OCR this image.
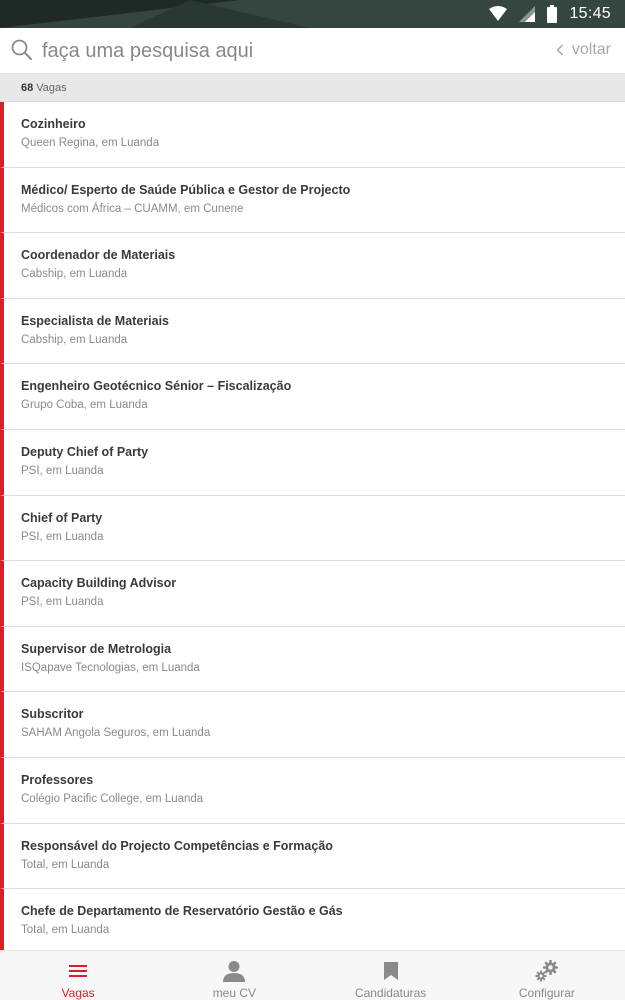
15:45
faça uma pesquisa aqui
voltar
68 Vagas
Cozinheiro
Queen Regina, em Luanda
Médico/ Esperto de Saúde Pública e Gestor de Projecto
Médicos com África – CUAMM, em Cunene
Coordenador de Materiais
Cabship, em Luanda
Especialista de Materiais
Cabship, em Luanda
Engenheiro Geotécnico Sénior – Fiscalização
Grupo Coba, em Luanda
Deputy Chief of Party
PSI, em Luanda
Chief of Party
PSI, em Luanda
Capacity Building Advisor
PSI, em Luanda
Supervisor de Metrologia
ISQapave Tecnologias, em Luanda
Subscritor
SAHAM Angola Seguros, em Luanda
Professores
Colégio Pacific College, em Luanda
Responsável do Projecto Competências e Formação
Total, em Luanda
Chefe de Departamento de Reservatório Gestão e Gás
Total, em Luanda
Vagas	meu CV	Candidaturas	Configurar
